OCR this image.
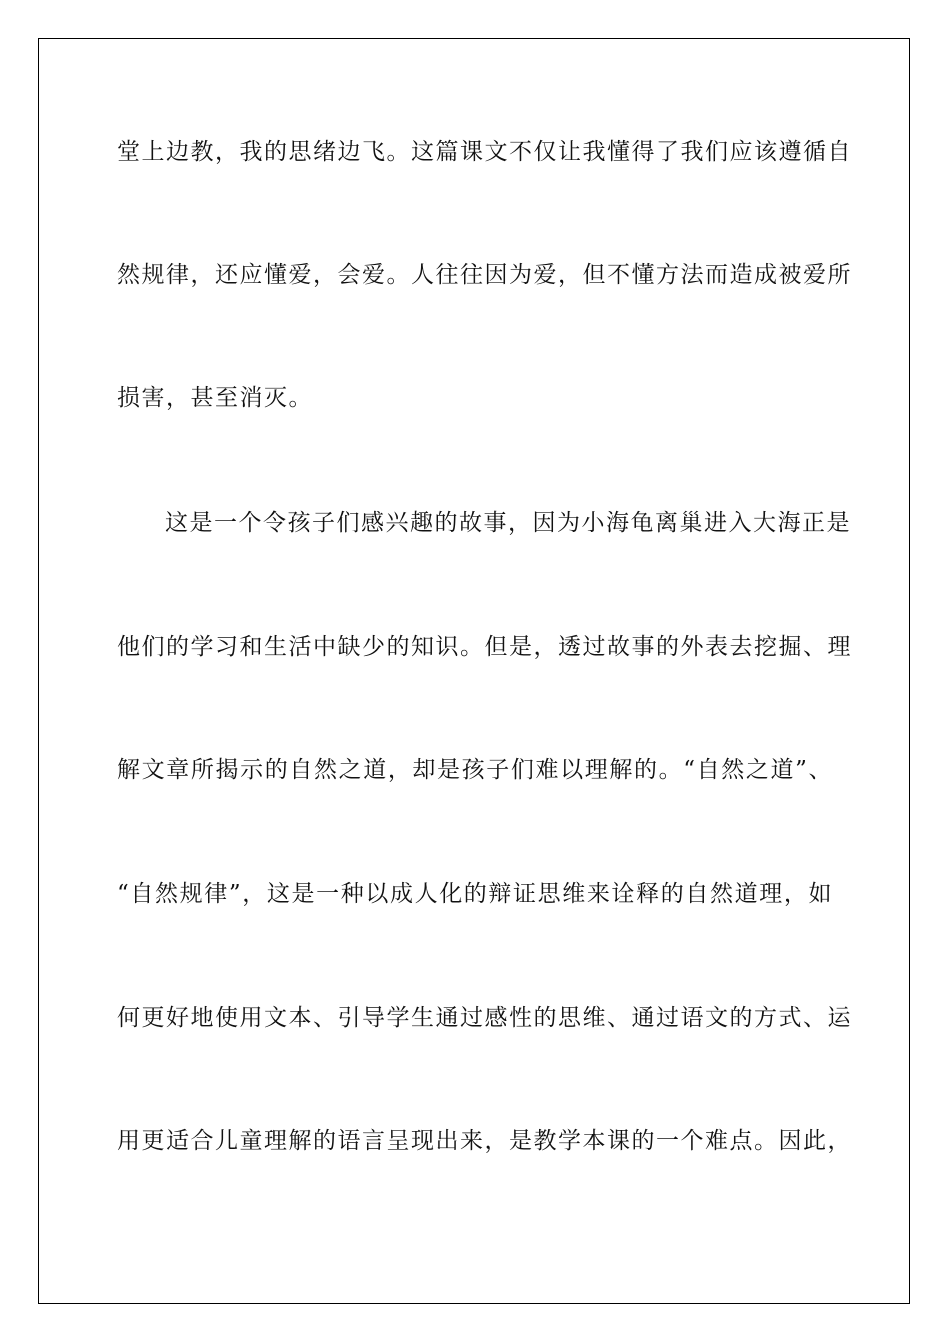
堂上边教，我的思绪边飞。这篇课文不仅让我懂得了我们应该遵循自
然规律，还应懂爱，会爱。人往往因为爱，但不懂方法而造成被爱所
损害，甚至消灭。
这是一个令孩子们感兴趣的故事，因为小海龟离巢进入大海正是
他们的学习和生活中缺少的知识。但是，透过故事的外表去挖掘、理
解文章所揭示的自然之道，却是孩子们难以理解的。“自然之道”、
“自然规律”，这是一种以成人化的辩证思维来诠释的自然道理，如
何更好地使用文本、引导学生通过感性的思维、通过语文的方式、运
用更适合儿童理解的语言呈现出来，是教学本课的一个难点。因此，
